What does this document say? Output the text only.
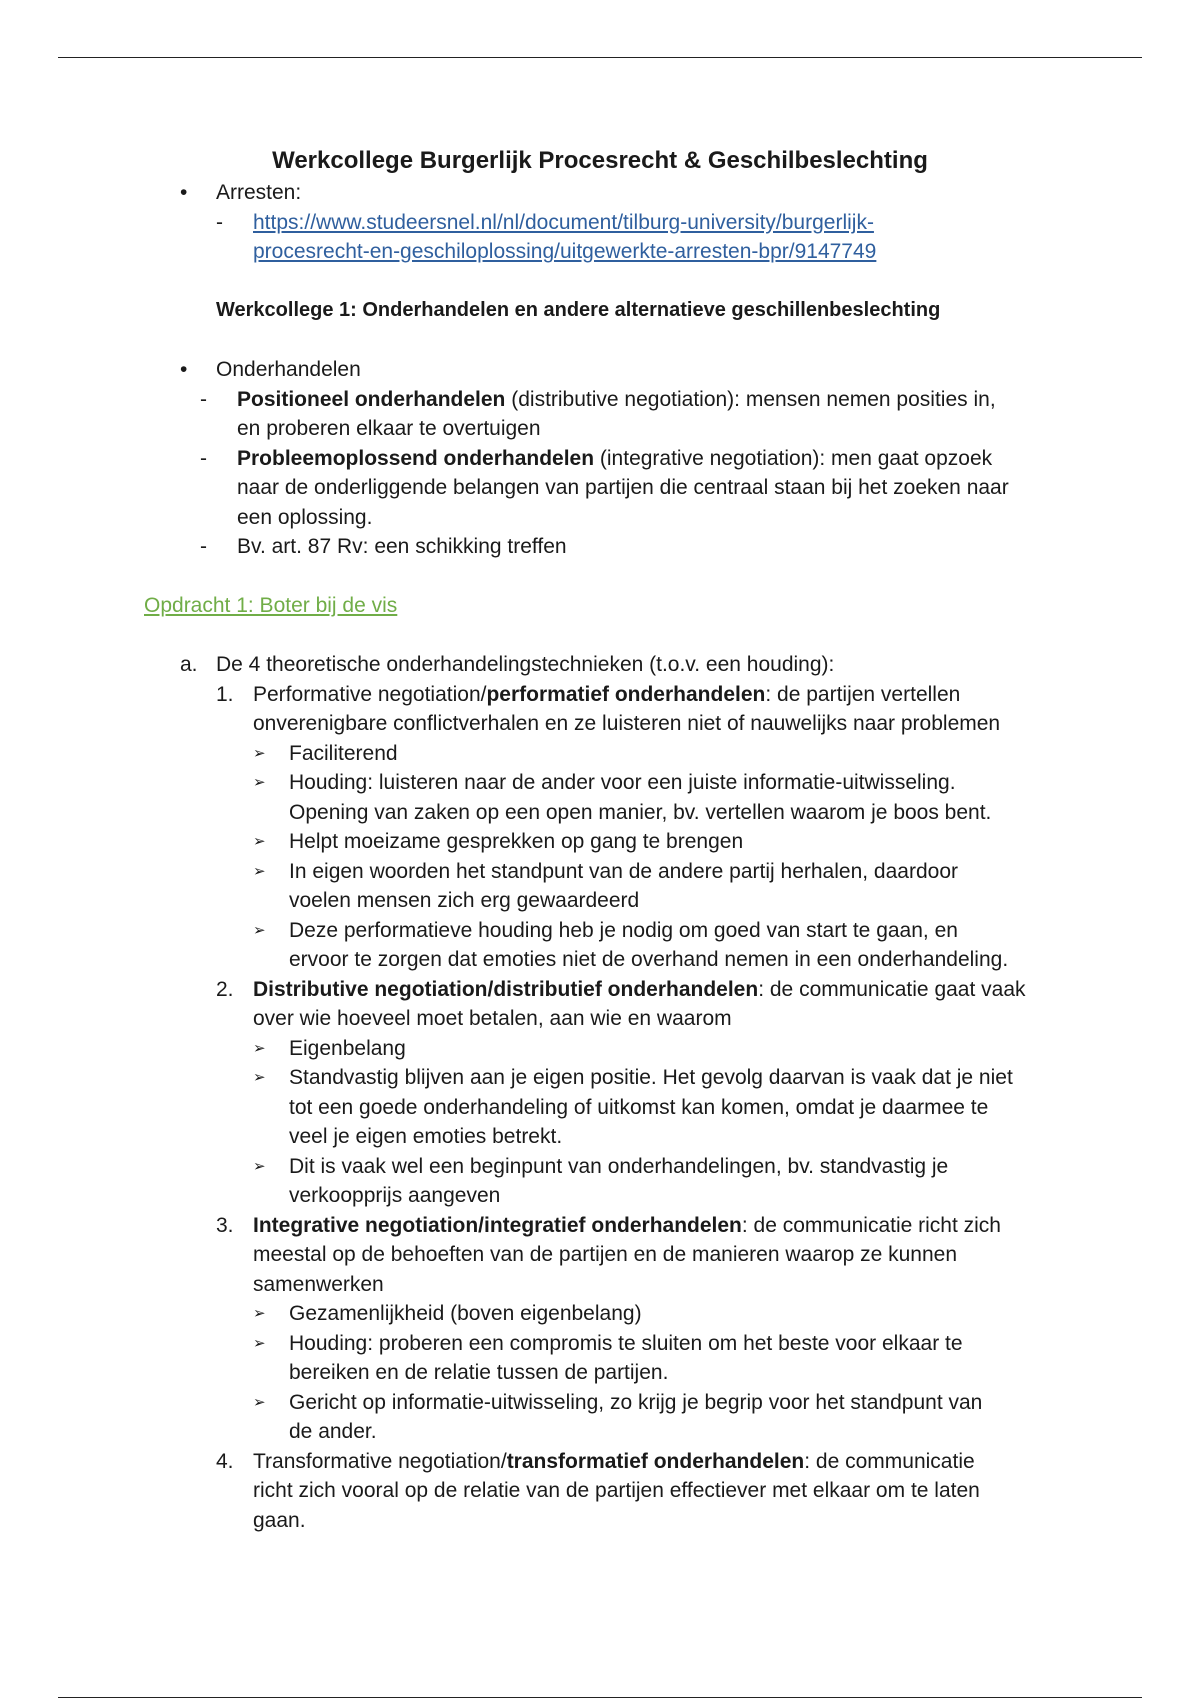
Werkcollege Burgerlijk Procesrecht & Geschilbeslechting
• Arresten:
- https://www.studeersnel.nl/nl/document/tilburg-university/burgerlijk-
procesrecht-en-geschiloplossing/uitgewerkte-arresten-bpr/9147749
Werkcollege 1: Onderhandelen en andere alternatieve geschillenbeslechting
• Onderhandelen
- Positioneel onderhandelen (distributive negotiation): mensen nemen posities in,
en proberen elkaar te overtuigen
- Probleemoplossend onderhandelen (integrative negotiation): men gaat opzoek
naar de onderliggende belangen van partijen die centraal staan bij het zoeken naar
een oplossing.
- Bv. art. 87 Rv: een schikking treffen
Opdracht 1: Boter bij de vis
a. De 4 theoretische onderhandelingstechnieken (t.o.v. een houding):
1. Performative negotiation/performatief onderhandelen: de partijen vertellen
onverenigbare conflictverhalen en ze luisteren niet of nauwelijks naar problemen
➢ Faciliterend
➢ Houding: luisteren naar de ander voor een juiste informatie-uitwisseling.
Opening van zaken op een open manier, bv. vertellen waarom je boos bent.
➢ Helpt moeizame gesprekken op gang te brengen
➢ In eigen woorden het standpunt van de andere partij herhalen, daardoor
voelen mensen zich erg gewaardeerd
➢ Deze performatieve houding heb je nodig om goed van start te gaan, en
ervoor te zorgen dat emoties niet de overhand nemen in een onderhandeling.
2. Distributive negotiation/distributief onderhandelen: de communicatie gaat vaak
over wie hoeveel moet betalen, aan wie en waarom
➢ Eigenbelang
➢ Standvastig blijven aan je eigen positie. Het gevolg daarvan is vaak dat je niet
tot een goede onderhandeling of uitkomst kan komen, omdat je daarmee te
veel je eigen emoties betrekt.
➢ Dit is vaak wel een beginpunt van onderhandelingen, bv. standvastig je
verkoopprijs aangeven
3. Integrative negotiation/integratief onderhandelen: de communicatie richt zich
meestal op de behoeften van de partijen en de manieren waarop ze kunnen
samenwerken
➢ Gezamenlijkheid (boven eigenbelang)
➢ Houding: proberen een compromis te sluiten om het beste voor elkaar te
bereiken en de relatie tussen de partijen.
➢ Gericht op informatie-uitwisseling, zo krijg je begrip voor het standpunt van
de ander.
4. Transformative negotiation/transformatief onderhandelen: de communicatie
richt zich vooral op de relatie van de partijen effectiever met elkaar om te laten
gaan.
